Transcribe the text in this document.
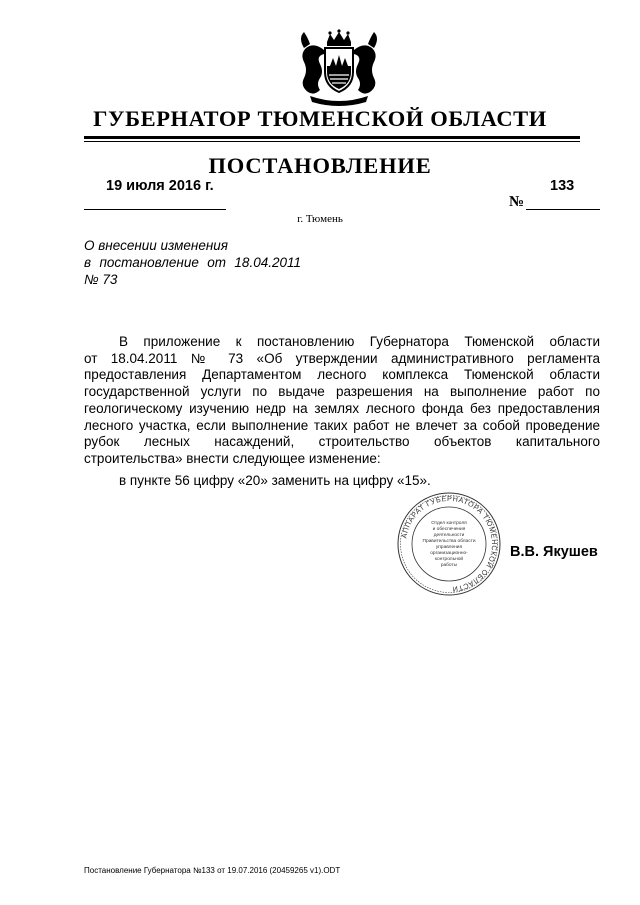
ГУБЕРНАТОР ТЮМЕНСКОЙ ОБЛАСТИ
ПОСТАНОВЛЕНИЕ
19 июля 2016 г.	133
№
г. Тюмень
О внесении изменения
в постановление от 18.04.2011
№ 73
В приложение к постановлению Губернатора Тюменской области
от 18.04.2011 № 73 «Об утверждении административного регламента
предоставления Департаментом лесного комплекса Тюменской области
государственной услуги по выдаче разрешения на выполнение работ по
геологическому изучению недр на землях лесного фонда без предоставления
лесного участка, если выполнение таких работ не влечет за собой проведение
рубок лесных насаждений, строительство объектов капитального
строительства» внести следующее изменение:
в пункте 56 цифру «20» заменить на цифру «15».
АППАРАТ ГУБЕРНАТОРА ТЮМЕНСКОЙ ОБЛАСТИ
Отдел контроля
и обеспечения
деятельности
Правительства области
управления
организационно-
контрольной
работы
В.В. Якушев
Постановление Губернатора №133 от 19.07.2016 (20459265 v1).ODT
